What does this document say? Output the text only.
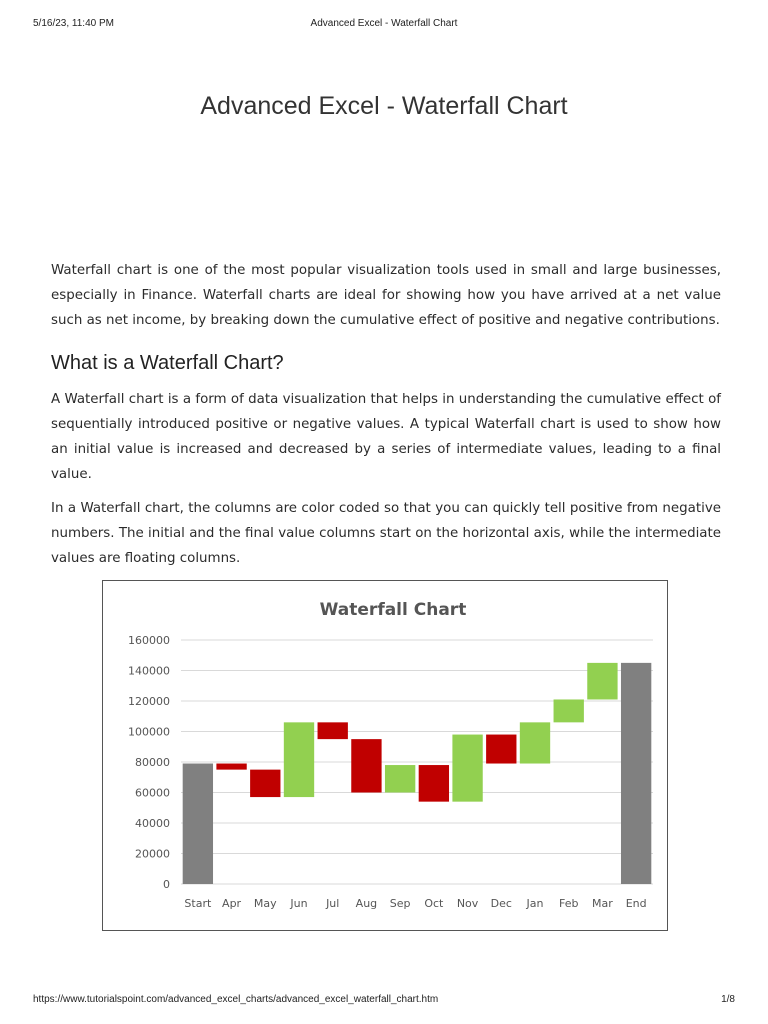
5/16/23, 11:40 PM	Advanced Excel - Waterfall Chart
Advanced Excel - Waterfall Chart

Waterfall chart is one of the most popular visualization tools used in small and large businesses, especially in Finance. Waterfall charts are ideal for showing how you have arrived at a net value such as net income, by breaking down the cumulative effect of positive and negative contributions.

What is a Waterfall Chart?

A Waterfall chart is a form of data visualization that helps in understanding the cumulative effect of sequentially introduced positive or negative values. A typical Waterfall chart is used to show how an initial value is increased and decreased by a series of intermediate values, leading to a final value.

In a Waterfall chart, the columns are color coded so that you can quickly tell positive from negative numbers. The initial and the final value columns start on the horizontal axis, while the intermediate values are floating columns.

Waterfall Chart
0
20000
40000
60000
80000
100000
120000
140000
160000
Start Apr May Jun Jul Aug Sep Oct Nov Dec Jan Feb Mar End
https://www.tutorialspoint.com/advanced_excel_charts/advanced_excel_waterfall_chart.htm	1/8
